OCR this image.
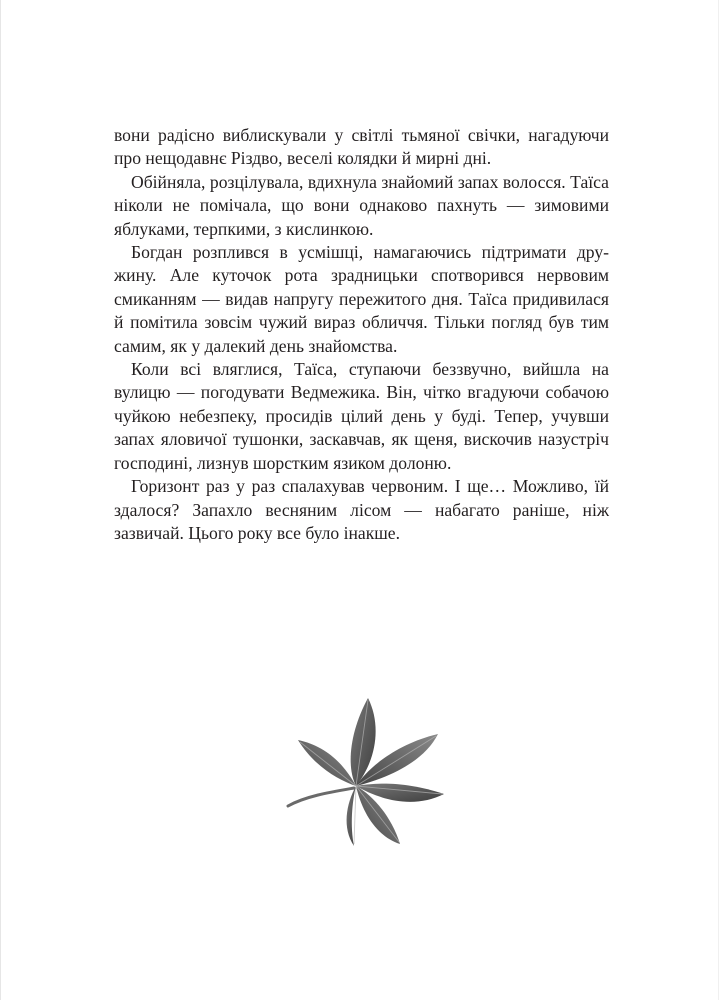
вони радісно виблискували у світлі тьмяної свічки, нагадуючи про нещодавнє Різдво, веселі колядки й мирні дні.

Обійняла, розцілувала, вдихнула знайомий запах волосся. Таїса ніколи не помічала, що вони однаково пахнуть — зимовими яблуками, терпкими, з кислинкою.

Богдан розплився в усмішці, намагаючись підтримати дружину. Але куточок рота зрадницьки спотворився нервовим смиканням — видав напругу пережитого дня. Таїса придивилася й помітила зовсім чужий вираз обличчя. Тільки погляд був тим самим, як у далекий день знайомства.

Коли всі вляглися, Таїса, ступаючи беззвучно, вийшла на вулицю — погодувати Ведмежика. Він, чітко вгадуючи собачою чуйкою небезпеку, просидів цілий день у буді. Тепер, учувши запах яловичої тушонки, заскавчав, як щеня, вискочив назустріч господині, лизнув шорстким язиком долоню.

Горизонт раз у раз спалахував червоним. І ще… Можливо, їй здалося? Запахло весняним лісом — набагато раніше, ніж зазвичай. Цього року все було інакше.
